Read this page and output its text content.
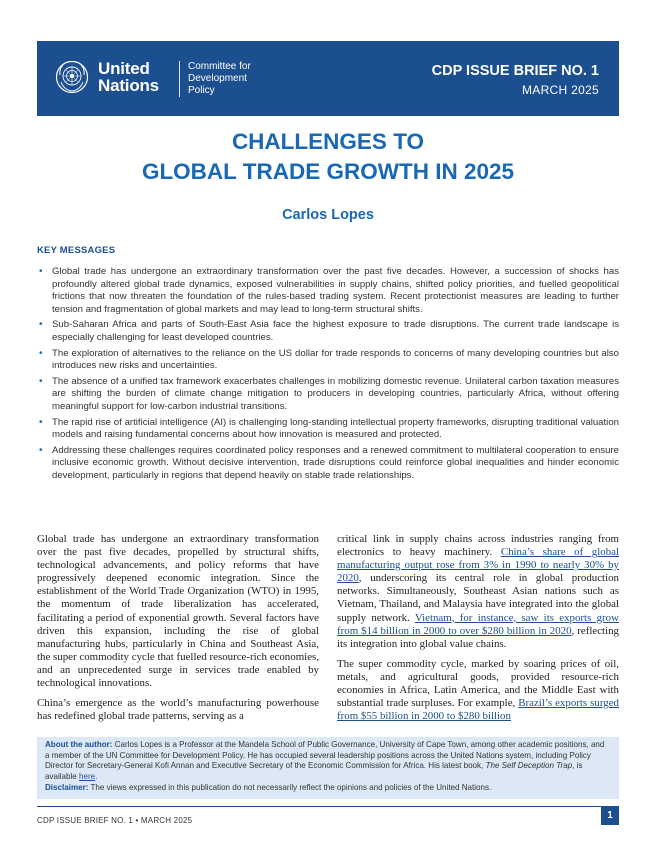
United
Nations
Committee for
Development
Policy
CDP ISSUE BRIEF NO. 1
MARCH 2025
CHALLENGES TO
GLOBAL TRADE GROWTH IN 2025
Carlos Lopes
KEY MESSAGES
• Global trade has undergone an extraordinary transformation over the past five decades. However, a succession of shocks has profoundly altered global trade dynamics, exposed vulnerabilities in supply chains, shifted policy priorities, and fuelled geopolitical frictions that now threaten the foundation of the rules-based trading system. Recent protectionist measures are leading to further tension and fragmentation of global markets and may lead to long-term structural shifts.
• Sub-Saharan Africa and parts of South-East Asia face the highest exposure to trade disruptions. The current trade landscape is especially challenging for least developed countries.
• The exploration of alternatives to the reliance on the US dollar for trade responds to concerns of many developing countries but also introduces new risks and uncertainties.
• The absence of a unified tax framework exacerbates challenges in mobilizing domestic revenue. Unilateral carbon taxation measures are shifting the burden of climate change mitigation to producers in developing countries, particularly Africa, without offering meaningful support for low-carbon industrial transitions.
• The rapid rise of artificial intelligence (AI) is challenging long-standing intellectual property frameworks, disrupting traditional valuation models and raising fundamental concerns about how innovation is measured and protected.
• Addressing these challenges requires coordinated policy responses and a renewed commitment to multilateral cooperation to ensure inclusive economic growth. Without decisive intervention, trade disruptions could reinforce global inequalities and hinder economic development, particularly in regions that depend heavily on stable trade relationships.

Global trade has undergone an extraordinary transformation over the past five decades, propelled by structural shifts, technological advancements, and policy reforms that have progressively deepened economic integration. Since the establishment of the World Trade Organization (WTO) in 1995, the momentum of trade liberalization has accelerated, facilitating a period of exponential growth. Several factors have driven this expansion, including the rise of global manufacturing hubs, particularly in China and Southeast Asia, the super commodity cycle that fuelled resource-rich economies, and an unprecedented surge in services trade enabled by technological innovations.

China’s emergence as the world’s manufacturing powerhouse has redefined global trade patterns, serving as a

critical link in supply chains across industries ranging from electronics to heavy machinery. China’s share of global manufacturing output rose from 3% in 1990 to nearly 30% by 2020, underscoring its central role in global production networks. Simultaneously, Southeast Asian nations such as Vietnam, Thailand, and Malaysia have integrated into the global supply network. Vietnam, for instance, saw its exports grow from $14 billion in 2000 to over $280 billion in 2020, reflecting its integration into global value chains.

The super commodity cycle, marked by soaring prices of oil, metals, and agricultural goods, provided resource-rich economies in Africa, Latin America, and the Middle East with substantial trade surpluses. For example, Brazil’s exports surged from $55 billion in 2000 to $280 billion

About the author: Carlos Lopes is a Professor at the Mandela School of Public Governance, University of Cape Town, among other academic positions, and a member of the UN Committee for Development Policy. He has occupied several leadership positions across the United Nations system, including Policy Director for Secretary-General Kofi Annan and Executive Secretary of the Economic Commission for Africa. His latest book, The Self Deception Trap, is available here.

Disclaimer: The views expressed in this publication do not necessarily reflect the opinions and policies of the United Nations.

CDP ISSUE BRIEF NO. 1 • MARCH 2025	1
